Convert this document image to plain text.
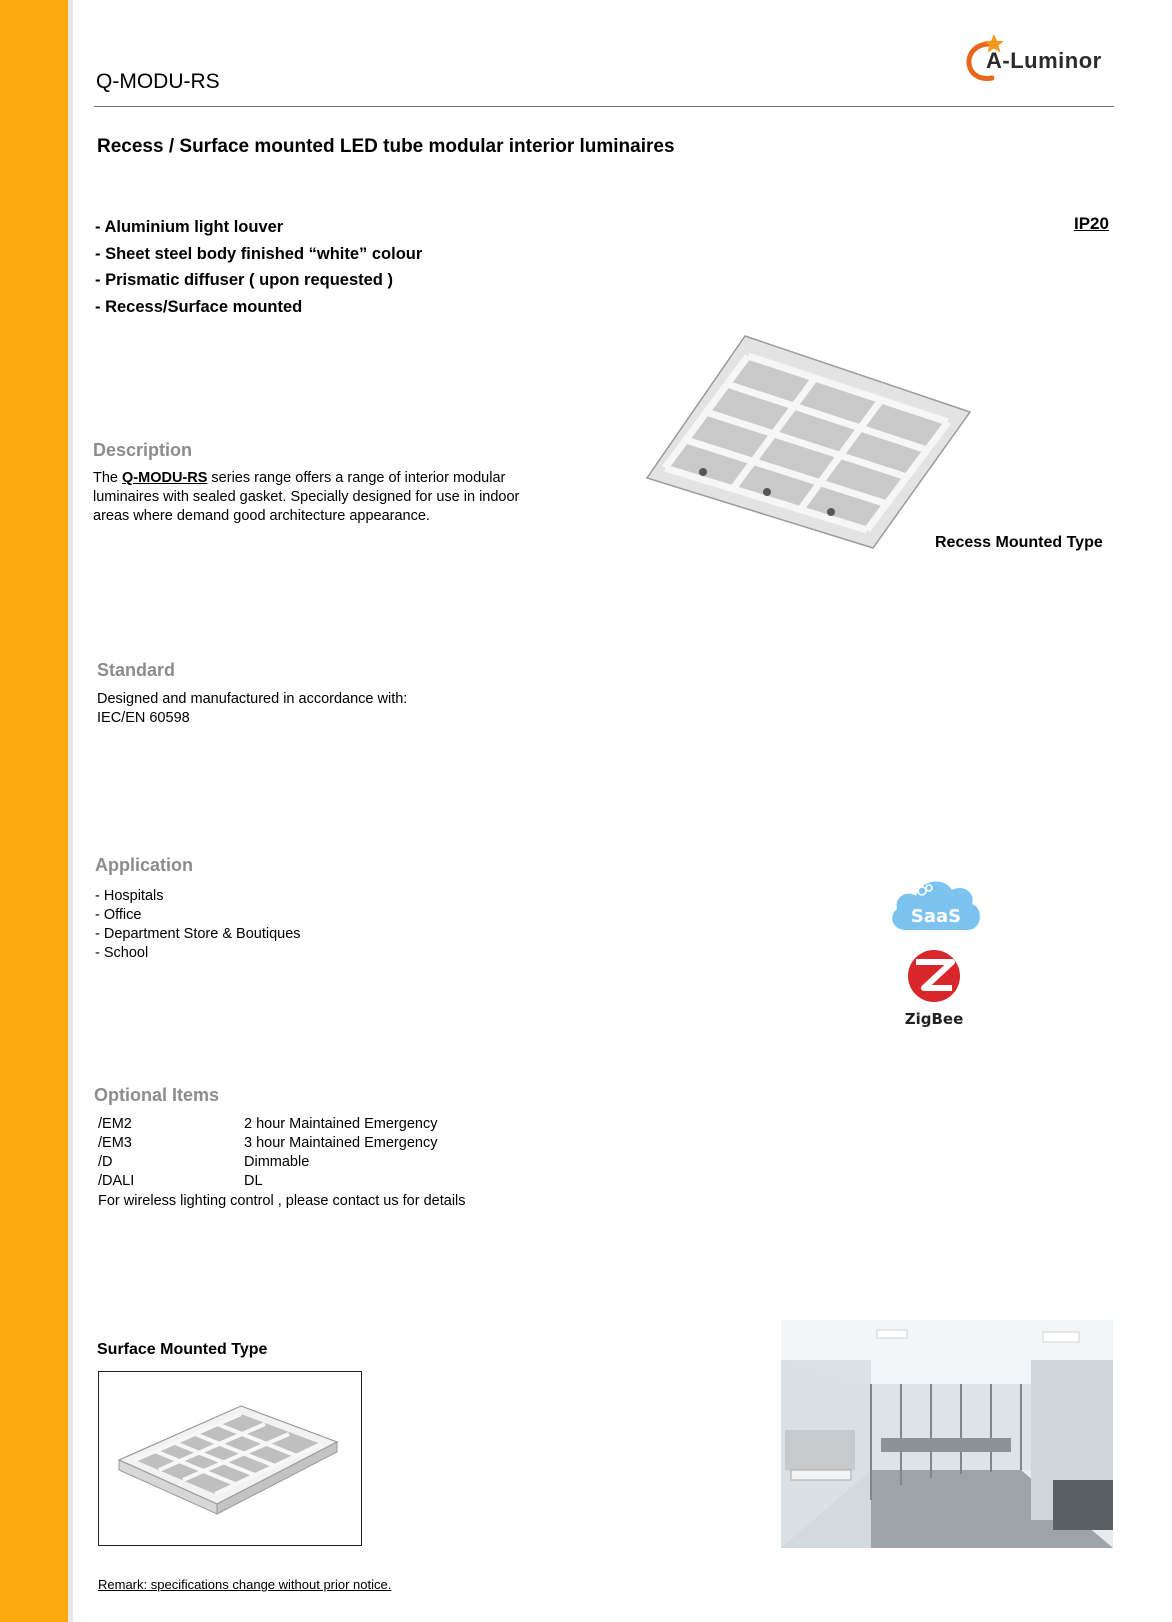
Q-MODU-RS
A-Luminor
Recess / Surface mounted LED tube modular interior luminaires
- Aluminium light louver
- Sheet steel body finished “white” colour
- Prismatic diffuser ( upon requested )
- Recess/Surface mounted
IP20
Description
The Q-MODU-RS series range offers a range of interior modular luminaires with sealed gasket. Specially designed for use in indoor areas where demand good architecture appearance.
Recess Mounted Type
Standard
Designed and manufactured in accordance with:
IEC/EN 60598
Application
- Hospitals
- Office
- Department Store & Boutiques
- School
SaaS
ZigBee
Optional Items
/EM2	2 hour Maintained Emergency
/EM3	3 hour Maintained Emergency
/D	Dimmable
/DALI	DL
For wireless lighting control , please contact us for details
Surface Mounted Type
Remark: specifications change without prior notice.
